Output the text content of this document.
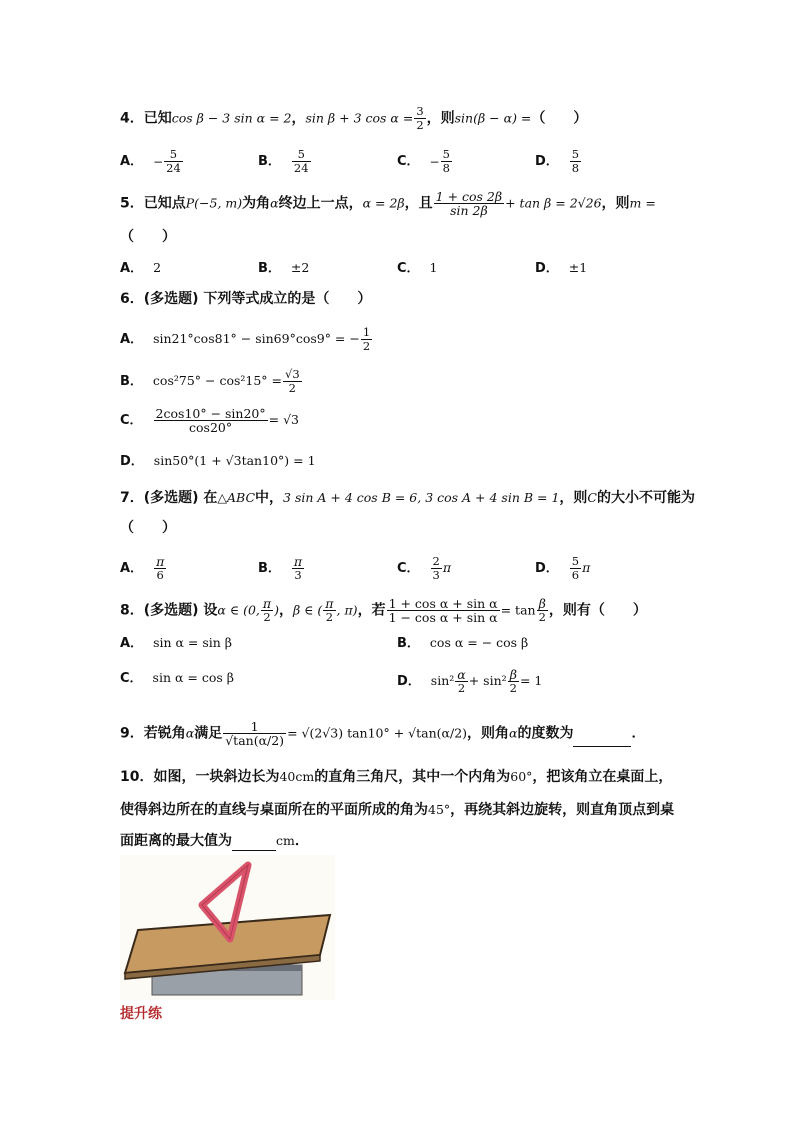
4．已知cos β − 3 sin α = 2，sin β + 3 $\cos \alpha = \frac{3}{2}$ ，则sin(β − α) =（　　）
A． − $\frac{5}{24}$	B． $\frac{5}{24}$	C． − $\frac{5}{8}$	D． $\frac{5}{8}$
5．已知点P(−5, m)为角α终边上一点，α = 2β，且 $\frac{1 + \cos 2\beta}{\sin 2\beta} + \tan \beta = 2√26$，则m =
（　　）
A． 2	B． ±2	C． 1	D． ±1
6．(多选题) 下列等式成立的是（　　）
A． sin21°cos81° − sin69°cos9° = − $\frac{1}{2}$
B． $\cos^275^\circ - \cos^215^\circ = \frac{√3}{2}$
C． $\frac{2\cos 10^\circ - \sin 20^\circ}{\cos 20^\circ} = √3$
D． sin50°(1 + √3tan10°) = 1
7．(多选题) 在△ABC中，3 sin A + 4 cos B = 6, 3 cos A + 4 sin B = 1，则C的大小不可能为
（　　）
A． $\frac{\pi}{6}$	B． $\frac{\pi}{3}$	C． $\frac{2}{3}$ π	D． $\frac{5}{6}$ π
8．(多选题) 设α ∈ (0, $\frac{\pi}{2}$ )，β ∈ ( $\frac{\pi}{2}$ , π)，若 $\frac{\text{1 + cos α + sin α}}{\text{1 − cos α + sin α}} = \tan \frac{\beta}{2}$ ，则有（　　）
A． sin α = sin β	B． cos α = − cos β
C． sin α = cos β	D． $\sin^2 \frac{\alpha}{2} + \sin^2 \frac{\beta}{2} = 1$
9．若锐角α满足 $\frac{1}{√\tan(\alpha/2)} = √(2√3) \tan 10^\circ + √\tan(\alpha/2)$，则角α的度数为	．
10．如图，一块斜边长为40cm的直角三角尺，其中一个内角为60°，把该角立在桌面上，
使得斜边所在的直线与桌面所在的平面所成的角为45°，再绕其斜边旋转，则直角顶点到桌
面距离的最大值为	cm．
提升练
